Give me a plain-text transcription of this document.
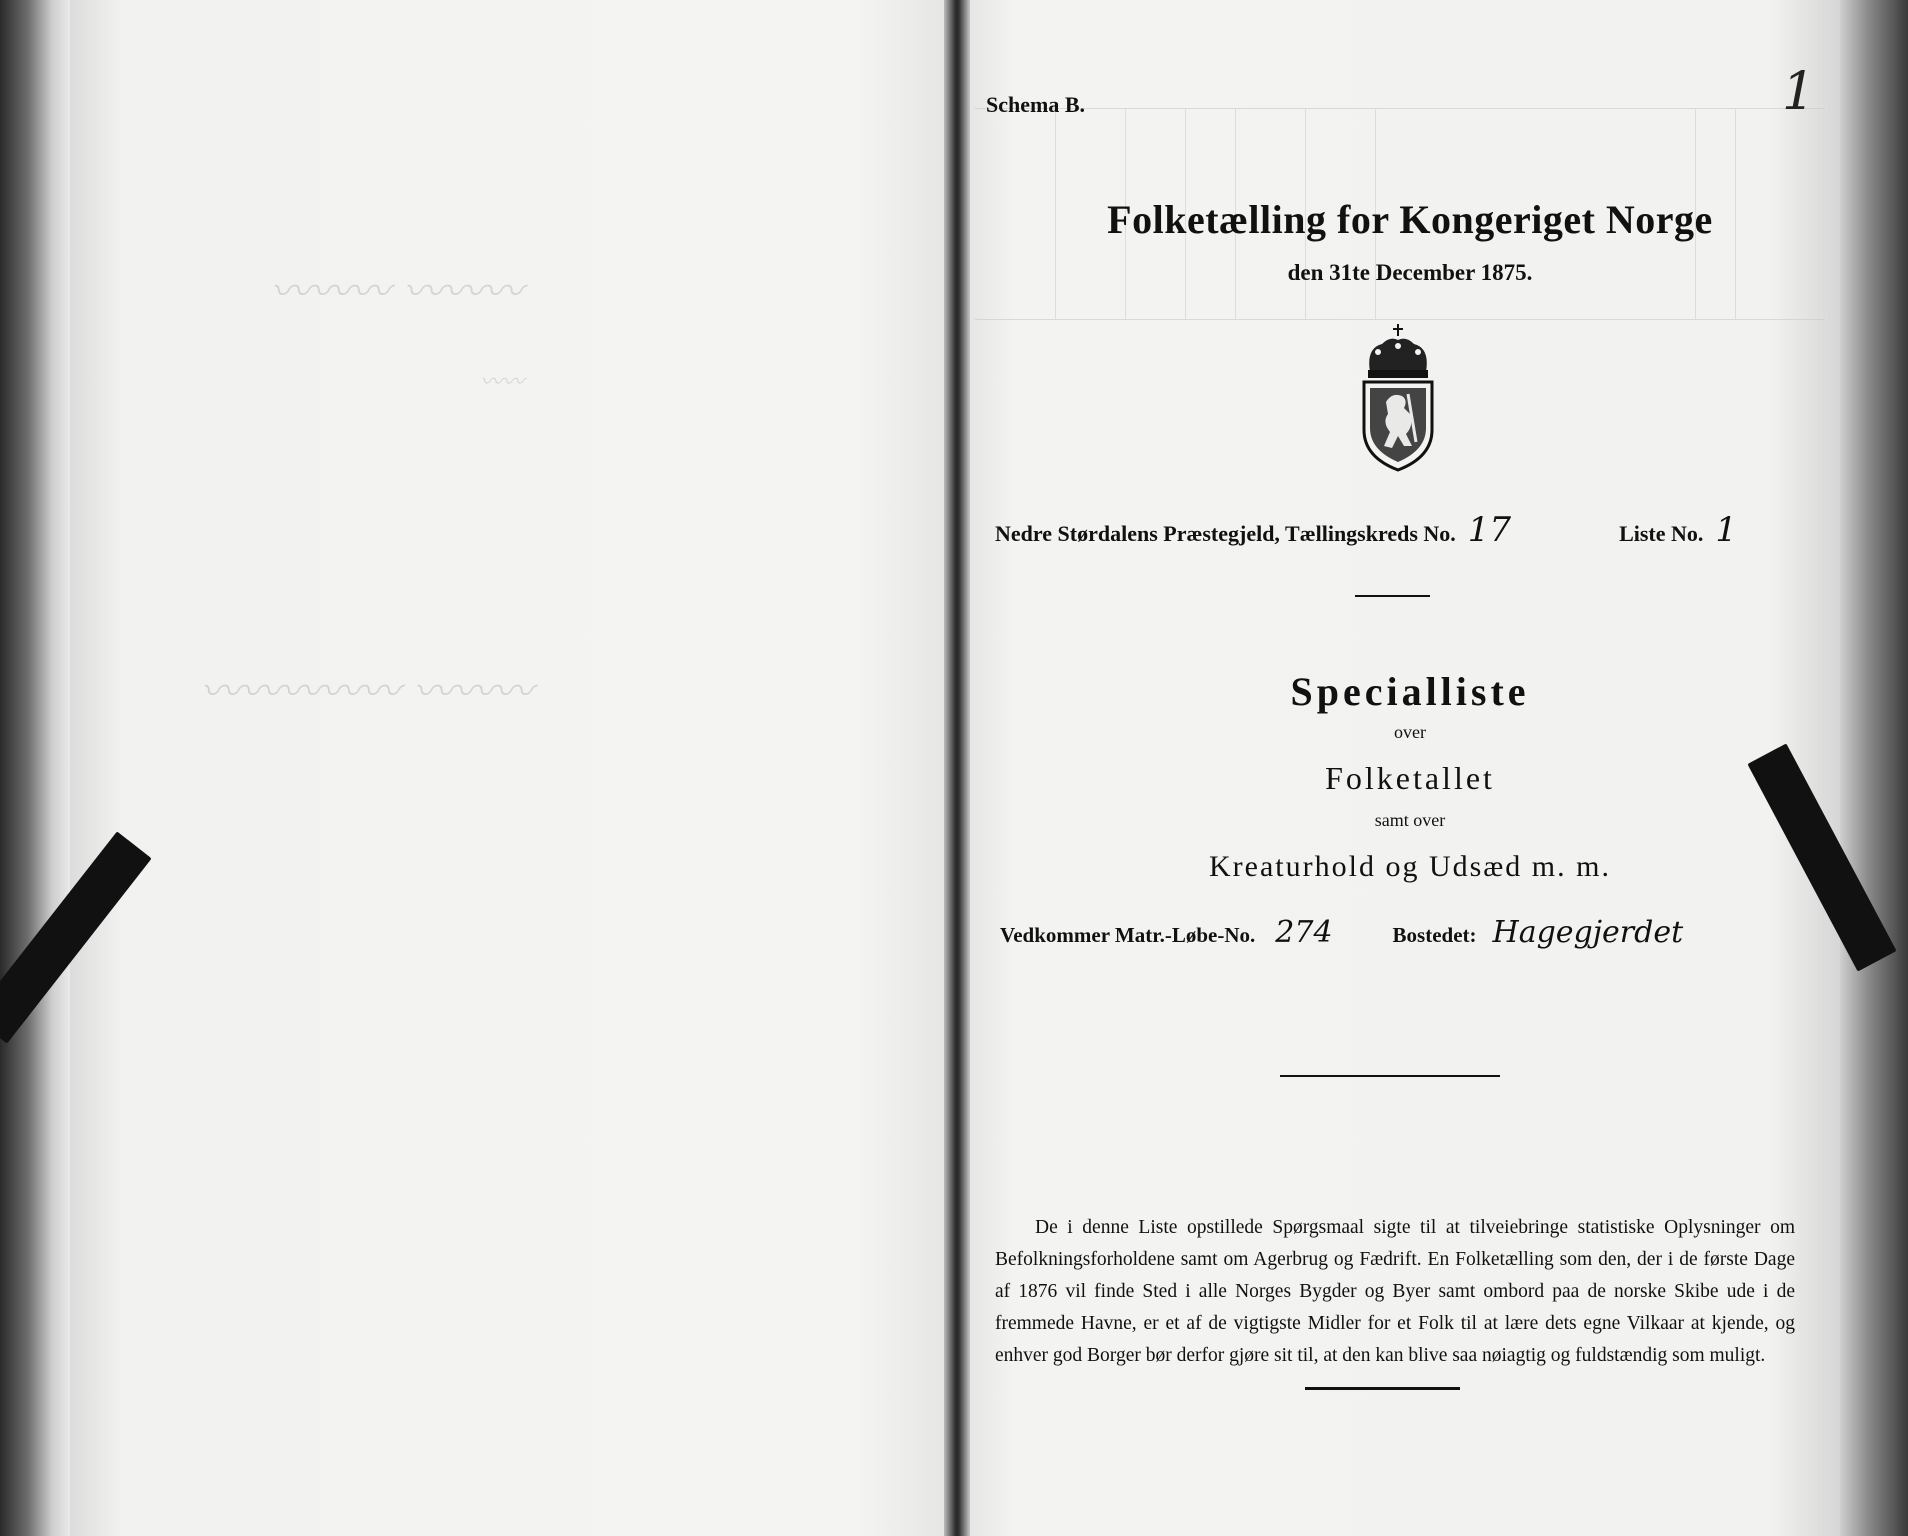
〰〰〰 〰〰〰
〰〰〰〰〰 〰〰〰
〰〰
Schema B.	1
Folketælling for Kongeriget Norge
den 31te December 1875.
Nedre Størdalens Præstegjeld, Tællingskreds No. 17	Liste No. 1
Specialliste
over
Folketallet
samt over
Kreaturhold og Udsæd m. m.
Vedkommer Matr.-Løbe-No. 274	Bostedet: Hagegjerdet
De i denne Liste opstillede Spørgsmaal sigte til at tilveiebringe statistiske Oplysninger om Befolkningsforholdene samt om Agerbrug og Fædrift. En Folketælling som den, der i de første Dage af 1876 vil finde Sted i alle Norges Bygder og Byer samt ombord paa de norske Skibe ude i de fremmede Havne, er et af de vigtigste Midler for et Folk til at lære dets egne Vilkaar at kjende, og enhver god Borger bør derfor gjøre sit til, at den kan blive saa nøiagtig og fuldstændig som muligt.
